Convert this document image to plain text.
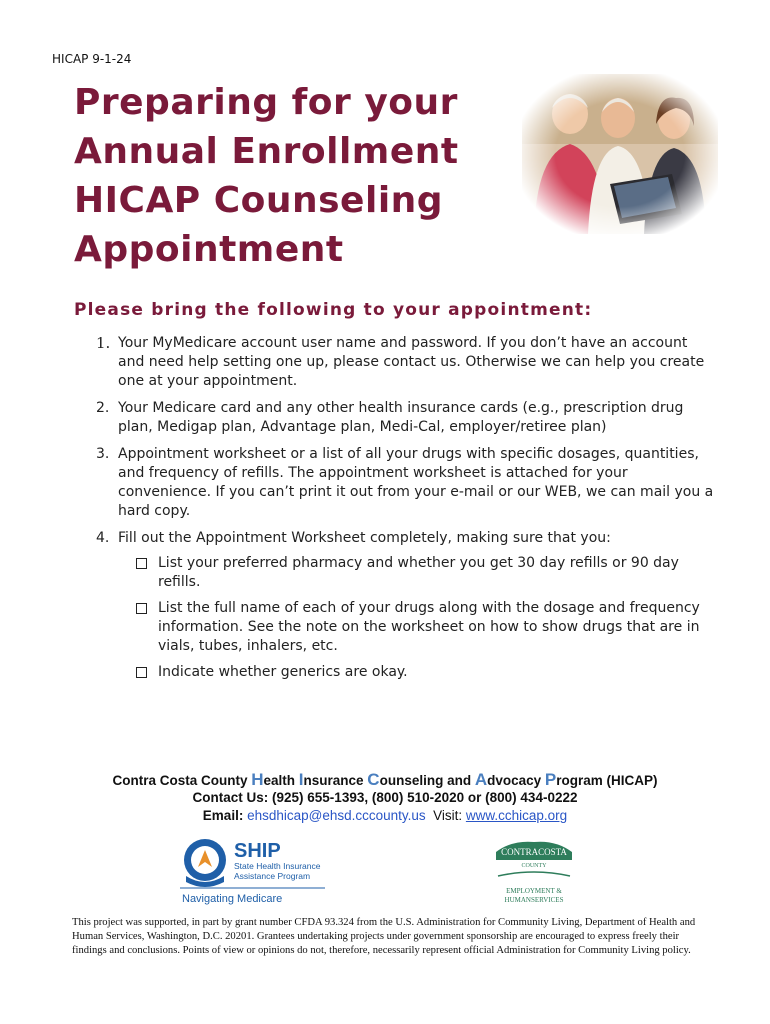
HICAP 9-1-24
Preparing for your
Annual Enrollment
HICAP Counseling
Appointment
Please bring the following to your appointment:
1. Your MyMedicare account user name and password. If you don’t have an account and need help setting one up, please contact us. Otherwise we can help you create one at your appointment.
2. Your Medicare card and any other health insurance cards (e.g., prescription drug plan, Medigap plan, Advantage plan, Medi-Cal, employer/retiree plan)
3. Appointment worksheet or a list of all your drugs with specific dosages, quantities, and frequency of refills. The appointment worksheet is attached for your convenience. If you can’t print it out from your e-mail or our WEB, we can mail you a hard copy.
4. Fill out the Appointment Worksheet completely, making sure that you:
List your preferred pharmacy and whether you get 30 day refills or 90 day refills.
List the full name of each of your drugs along with the dosage and frequency information. See the note on the worksheet on how to show drugs that are in vials, tubes, inhalers, etc.
Indicate whether generics are okay.
Contra Costa County Health Insurance Counseling and Advocacy Program (HICAP)
Contact Us: (925) 655-1393, (800) 510-2020 or (800) 434-0222
Email: ehsdhicap@ehsd.cccounty.us  Visit: www.cchicap.org
SHIP
State Health Insurance
Assistance Program
Navigating Medicare
CONTRACOSTA
COUNTY
EMPLOYMENT &
HUMANSERVICES
This project was supported, in part by grant number CFDA 93.324 from the U.S. Administration for Community Living, Department of Health and Human Services, Washington, D.C. 20201. Grantees undertaking projects under government sponsorship are encouraged to express freely their findings and conclusions. Points of view or opinions do not, therefore, necessarily represent official Administration for Community Living policy.
